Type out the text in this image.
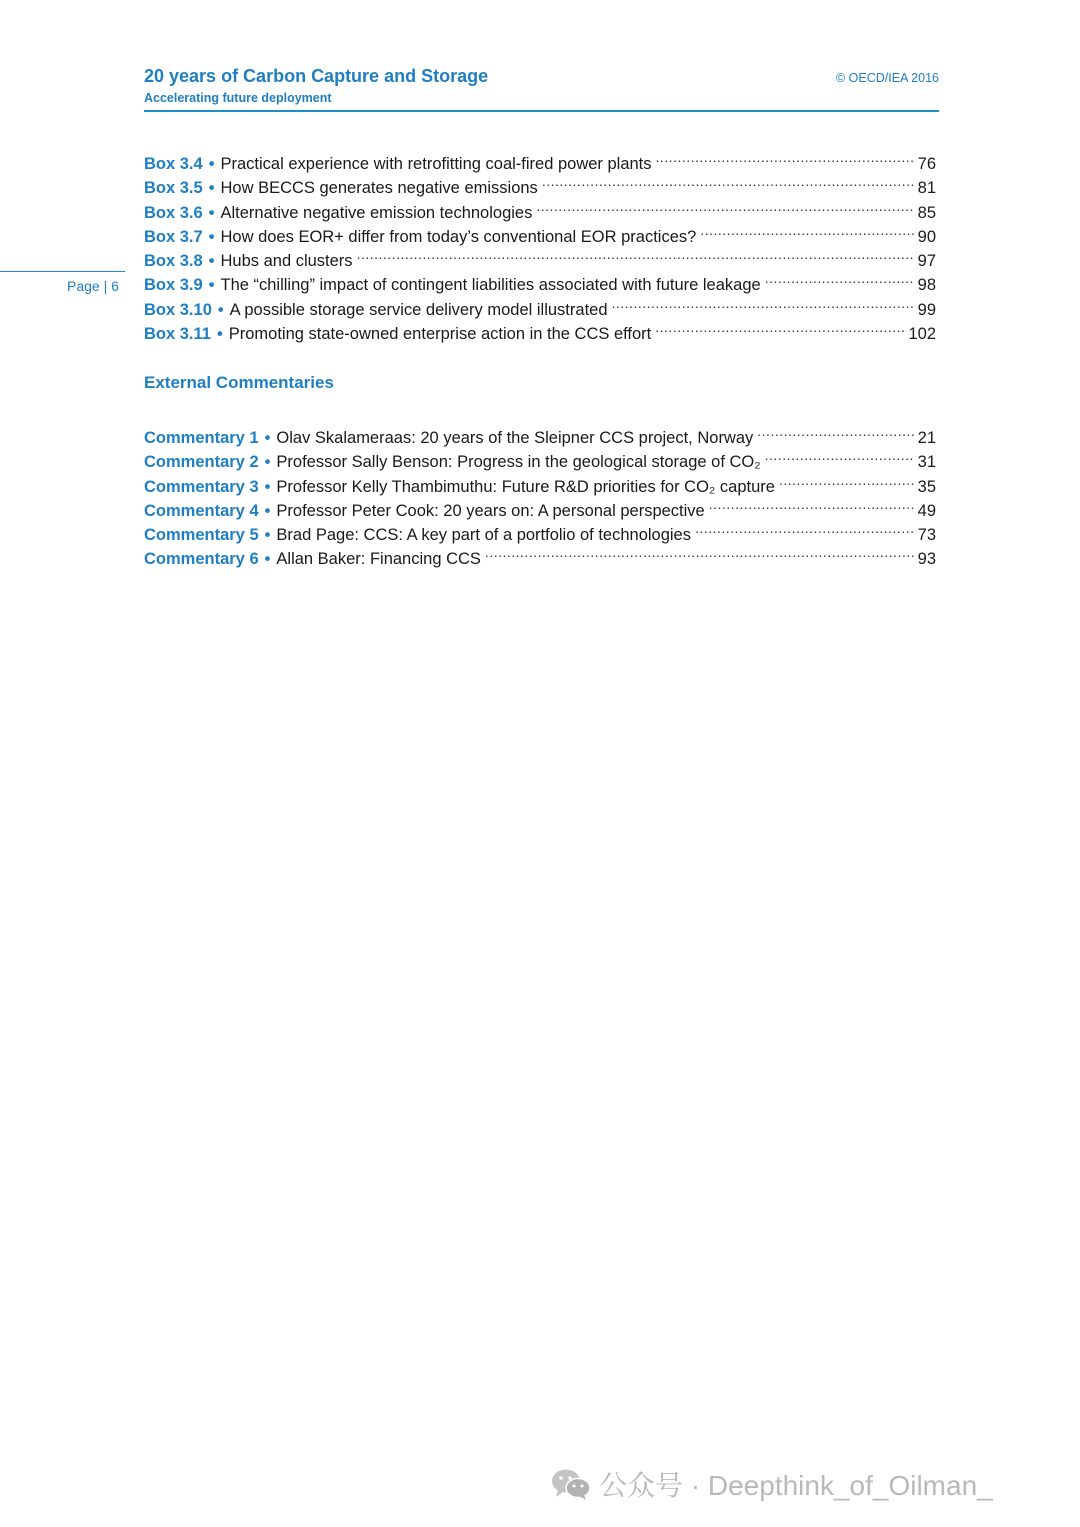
20 years of Carbon Capture and Storage
Accelerating future deployment
© OECD/IEA 2016
Page | 6
Box 3.4 • Practical experience with retrofitting coal-fired power plants .....	76
Box 3.5 • How BECCS generates negative emissions .....	81
Box 3.6 • Alternative negative emission technologies .....	85
Box 3.7 • How does EOR+ differ from today’s conventional EOR practices? .....	90
Box 3.8 • Hubs and clusters .....	97
Box 3.9 • The “chilling” impact of contingent liabilities associated with future leakage .....	98
Box 3.10 • A possible storage service delivery model illustrated .....	99
Box 3.11 • Promoting state-owned enterprise action in the CCS effort .....	102
External Commentaries
Commentary 1 • Olav Skalameraas: 20 years of the Sleipner CCS project, Norway .....	21
Commentary 2 • Professor Sally Benson: Progress in the geological storage of CO₂ .....	31
Commentary 3 • Professor Kelly Thambimuthu: Future R&D priorities for CO₂ capture .....	35
Commentary 4 • Professor Peter Cook: 20 years on: A personal perspective .....	49
Commentary 5 • Brad Page: CCS: A key part of a portfolio of technologies .....	73
Commentary 6 • Allan Baker: Financing CCS .....	93
公众号 · Deepthink_of_Oilman_
